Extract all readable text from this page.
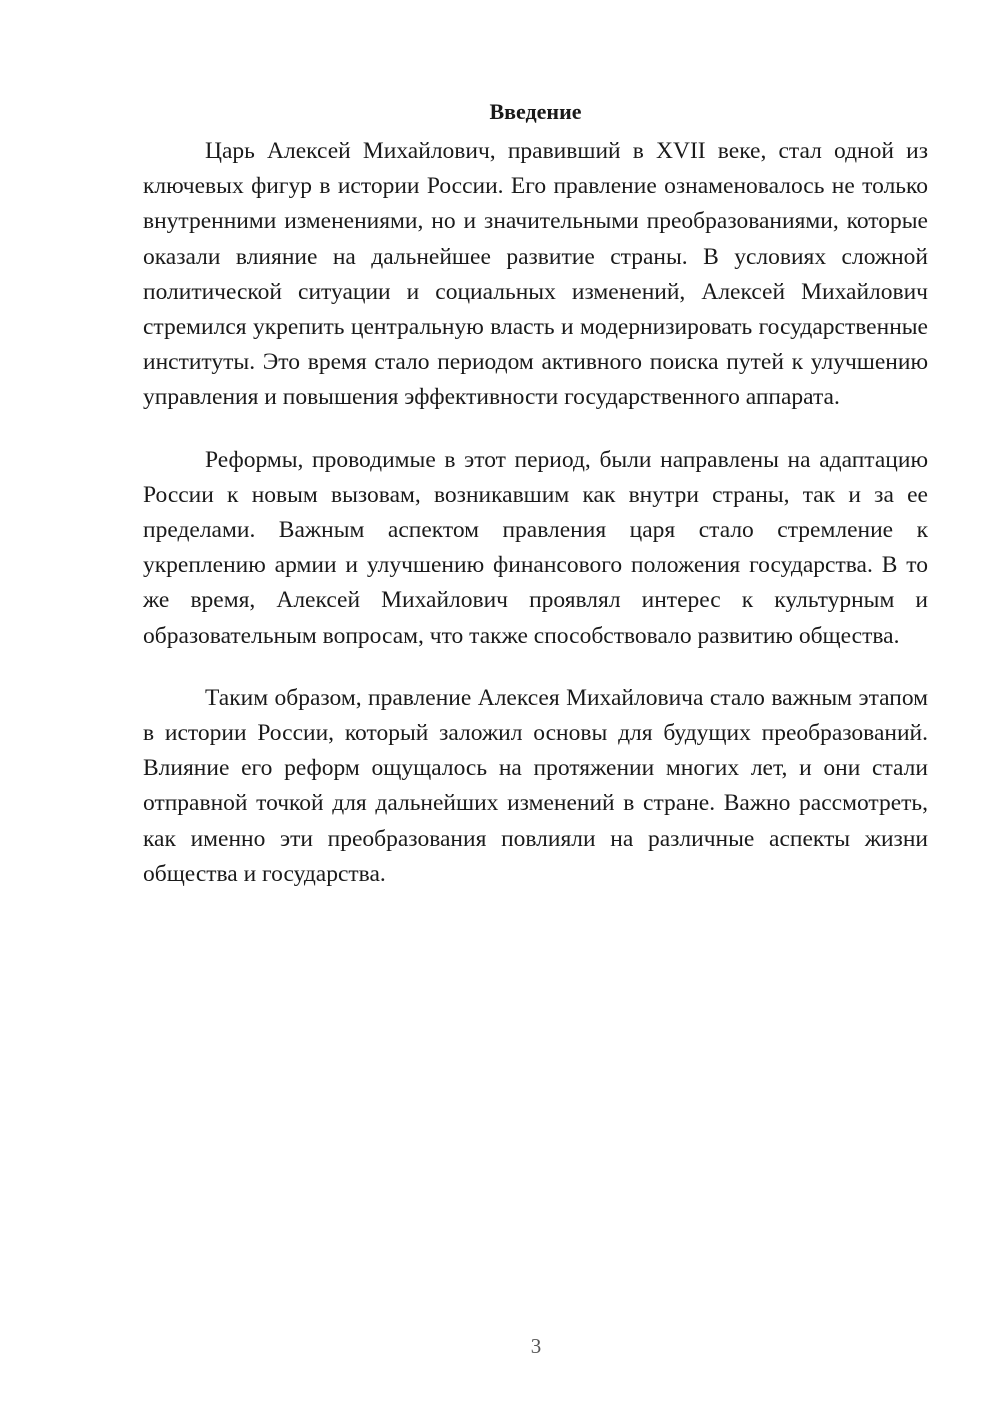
Введение

Царь Алексей Михайлович, правивший в XVII веке, стал одной из ключевых фигур в истории России. Его правление ознаменовалось не только внутренними изменениями, но и значительными преобразованиями, которые оказали влияние на дальнейшее развитие страны. В условиях сложной политической ситуации и социальных изменений, Алексей Михайлович стремился укрепить центральную власть и модернизировать государственные институты. Это время стало периодом активного поиска путей к улучшению управления и повышения эффективности государственного аппарата.

Реформы, проводимые в этот период, были направлены на адаптацию России к новым вызовам, возникавшим как внутри страны, так и за ее пределами. Важным аспектом правления царя стало стремление к укреплению армии и улучшению финансового положения государства. В то же время, Алексей Михайлович проявлял интерес к культурным и образовательным вопросам, что также способствовало развитию общества.

Таким образом, правление Алексея Михайловича стало важным этапом в истории России, который заложил основы для будущих преобразований. Влияние его реформ ощущалось на протяжении многих лет, и они стали отправной точкой для дальнейших изменений в стране. Важно рассмотреть, как именно эти преобразования повлияли на различные аспекты жизни общества и государства.

3
